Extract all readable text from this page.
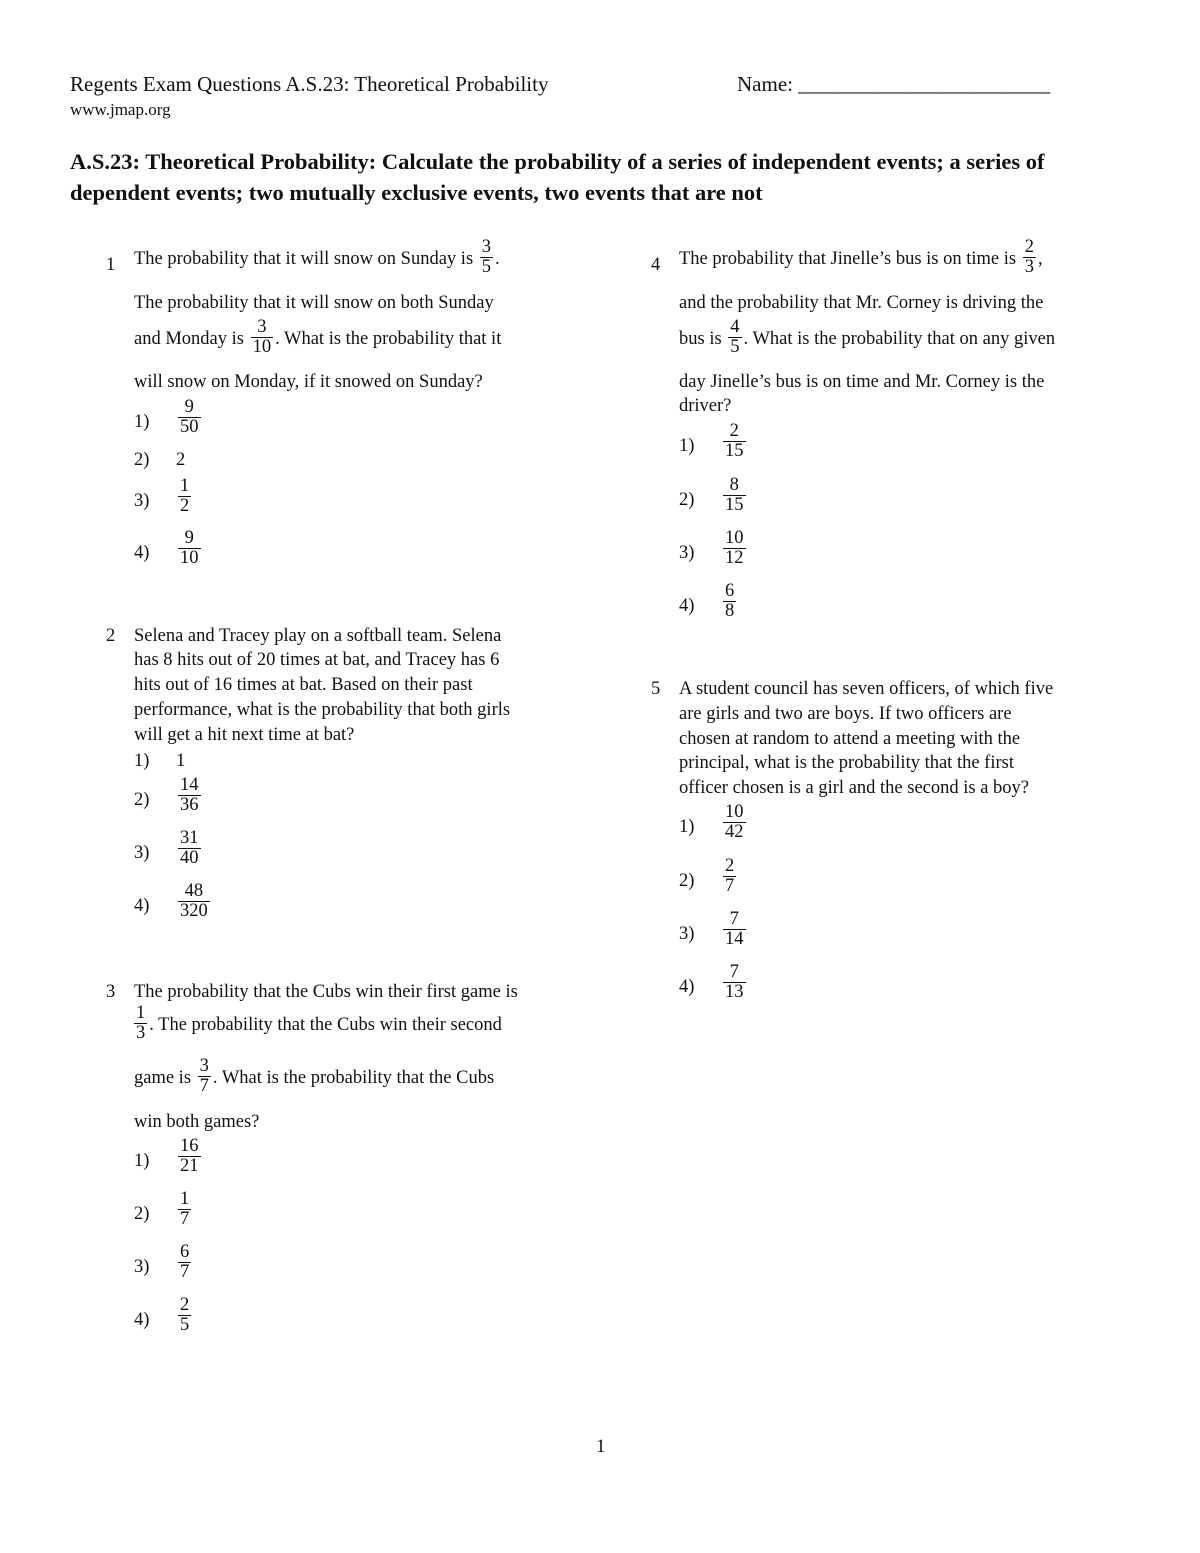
Regents Exam Questions A.S.23: Theoretical Probability	Name: ________________________
www.jmap.org
A.S.23: Theoretical Probability: Calculate the probability of a series of independent events; a series of dependent events; two mutually exclusive events, two events that are not
1 The probability that it will snow on Sunday is $\frac{3}{5}$ .
The probability that it will snow on both Sunday
and Monday is $\frac{3}{10}$ . What is the probability that it
will snow on Monday, if it snowed on Sunday?
$1) \frac{9}{50}$
2) 2
$3) \frac{1}{2}$
$4) \frac{9}{10}$
2 Selena and Tracey play on a softball team. Selena
has 8 hits out of 20 times at bat, and Tracey has 6
hits out of 16 times at bat. Based on their past
performance, what is the probability that both girls
will get a hit next time at bat?
1) 1
$2) \frac{14}{36}$
$3) \frac{31}{40}$
$4) \frac{48}{320}$
3 The probability that the Cubs win their first game is
$\frac{1}{3}$ . The probability that the Cubs win their second
game is $\frac{3}{7}$ . What is the probability that the Cubs
win both games?
$1) \frac{16}{21}$
$2) \frac{1}{7}$
$3) \frac{6}{7}$
$4) \frac{2}{5}$
4 The probability that Jinelle’s bus is on time is $\frac{2}{3}$ ,
and the probability that Mr. Corney is driving the
bus is $\frac{4}{5}$ . What is the probability that on any given
day Jinelle’s bus is on time and Mr. Corney is the
driver?
$1) \frac{2}{15}$
$2) \frac{8}{15}$
$3) \frac{10}{12}$
$4) \frac{6}{8}$
5 A student council has seven officers, of which five
are girls and two are boys. If two officers are
chosen at random to attend a meeting with the
principal, what is the probability that the first
officer chosen is a girl and the second is a boy?
$1) \frac{10}{42}$
$2) \frac{2}{7}$
$3) \frac{7}{14}$
$4) \frac{7}{13}$
1
